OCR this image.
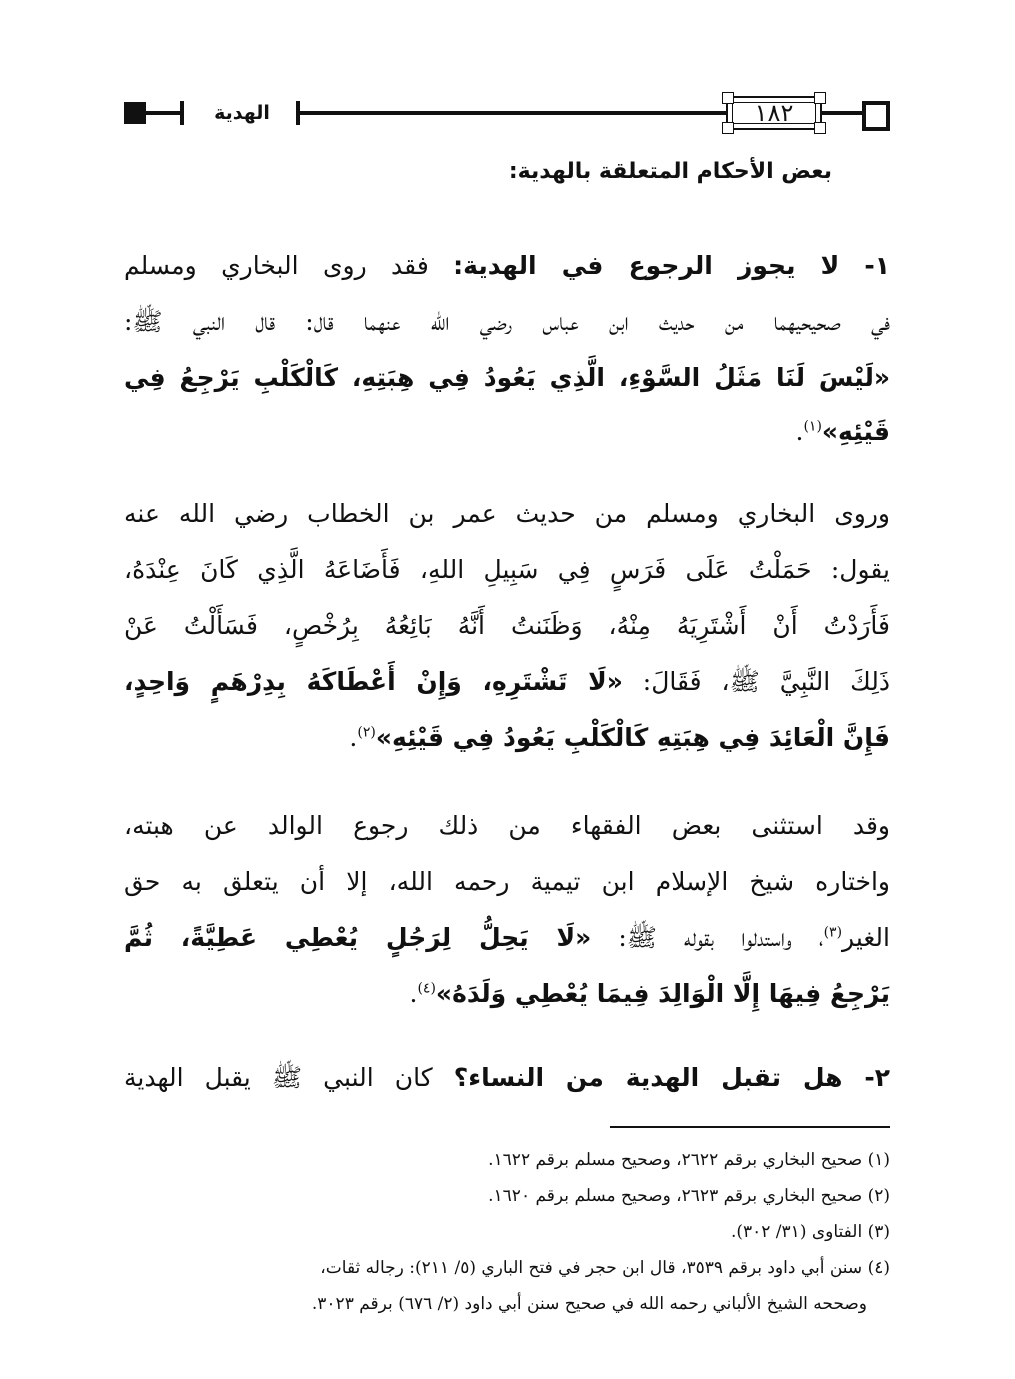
١٨٢
الهدية
بعض الأحكام المتعلقة بالهدية:
١- لا يجوز الرجوع في الهدية: فقد روى البخاري ومسلم
في صحيحيهما من حديث ابن عباس رضي الله عنهما قال: قال النبي ﷺ:
«لَيْسَ لَنَا مَثَلُ السَّوْءِ، الَّذِي يَعُودُ فِي هِبَتِهِ، كَالْكَلْبِ يَرْجِعُ فِي
قَيْئِهِ»$^{(١)}$.
وروى البخاري ومسلم من حديث عمر بن الخطاب رضي الله عنه
يقول: حَمَلْتُ عَلَى فَرَسٍ فِي سَبِيلِ اللهِ، فَأَضَاعَهُ الَّذِي كَانَ عِنْدَهُ،
فَأَرَدْتُ أَنْ أَشْتَرِيَهُ مِنْهُ، وَظَنَنتُ أَنَّهُ بَائِعُهُ بِرُخْصٍ، فَسَأَلْتُ عَنْ
ذَلِكَ النَّبِيَّ ﷺ، فَقَالَ: «لَا تَشْتَرِهِ، وَإِنْ أَعْطَاكَهُ بِدِرْهَمٍ وَاحِدٍ،
فَإِنَّ الْعَائِدَ فِي هِبَتِهِ كَالْكَلْبِ يَعُودُ فِي قَيْئِهِ»$^{(٢)}$.
وقد استثنى بعض الفقهاء من ذلك رجوع الوالد عن هبته،
واختاره شيخ الإسلام ابن تيمية رحمه الله، إلا أن يتعلق به حق
الغير$^{(٣)}$، واستدلوا بقوله ﷺ: «لَا يَحِلُّ لِرَجُلٍ يُعْطِي عَطِيَّةً، ثُمَّ
يَرْجِعُ فِيهَا إِلَّا الْوَالِدَ فِيمَا يُعْطِي وَلَدَهُ»$^{(٤)}$.
٢- هل تقبل الهدية من النساء؟ كان النبي ﷺ يقبل الهدية
(١) صحيح البخاري برقم ٢٦٢٢، وصحيح مسلم برقم ١٦٢٢.
(٢) صحيح البخاري برقم ٢٦٢٣، وصحيح مسلم برقم ١٦٢٠.
(٣) الفتاوى (٣١/ ٣٠٢).
(٤) سنن أبي داود برقم ٣٥٣٩، قال ابن حجر في فتح الباري (٥/ ٢١١): رجاله ثقات،
وصححه الشيخ الألباني رحمه الله في صحيح سنن أبي داود (٢/ ٦٧٦) برقم ٣٠٢٣.
